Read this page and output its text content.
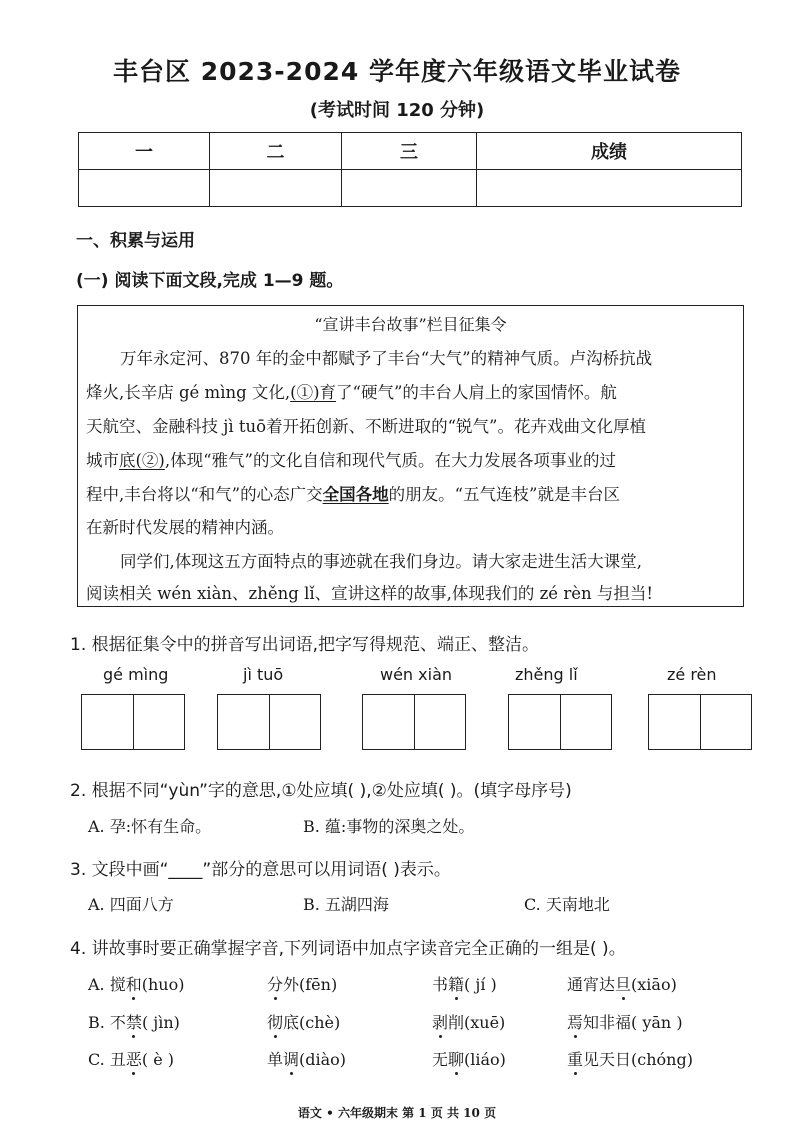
丰台区 2023-2024 学年度六年级语文毕业试卷
(考试时间 120 分钟)
一	二	三	成绩

一、积累与运用
(一) 阅读下面文段,完成 1—9 题。
“宣讲丰台故事”栏目征集令
万年永定河、870 年的金中都赋予了丰台“大气”的精神气质。卢沟桥抗战
烽火,长辛店 gé mìng 文化,(①)育了“硬气”的丰台人肩上的家国情怀。航
天航空、金融科技 jì tuō着开拓创新、不断进取的“锐气”。花卉戏曲文化厚植
城市底(②),体现“雅气”的文化自信和现代气质。在大力发展各项事业的过
程中,丰台将以“和气”的心态广交全国各地的朋友。“五气连枝”就是丰台区
在新时代发展的精神内涵。
同学们,体现这五方面特点的事迹就在我们身边。请大家走进生活大课堂,
阅读相关 wén xiàn、zhěng lǐ、宣讲这样的故事,体现我们的 zé rèn 与担当!
1. 根据征集令中的拼音写出词语,把字写得规范、端正、整洁。
gé mìng	jì tuō	wén xiàn	zhěng lǐ	zé rèn
2. 根据不同“yùn”字的意思,①处应填( ),②处应填( )。(填字母序号)
A. 孕:怀有生命。	B. 蕴:事物的深奥之处。
3. 文段中画“____”部分的意思可以用词语( )表示。
A. 四面八方	B. 五湖四海	C. 天南地北
4. 讲故事时要正确掌握字音,下列词语中加点字读音完全正确的一组是( )。
A. 搅和(huo)	分外(fēn)	书籍( jí )	通宵达旦(xiāo)
B. 不禁( jìn)	彻底(chè)	剥削(xuē)	焉知非福( yān )
C. 丑恶( è )	单调(diào)	无聊(liáo)	重见天日(chóng)
语文 • 六年级期末 第 1 页 共 10 页
